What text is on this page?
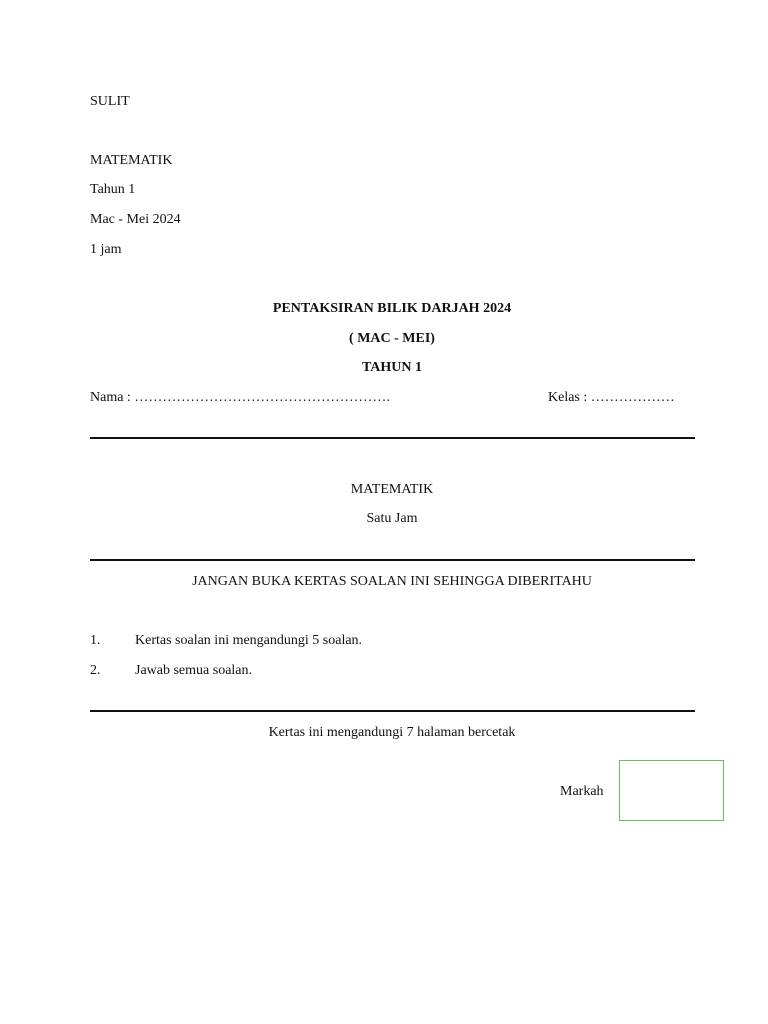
SULIT
MATEMATIK
Tahun 1
Mac - Mei 2024
1 jam
PENTAKSIRAN BILIK DARJAH 2024
( MAC - MEI)
TAHUN 1
Nama : ……………………………………………….	Kelas : ………………
MATEMATIK
Satu Jam
JANGAN BUKA KERTAS SOALAN INI SEHINGGA DIBERITAHU
1. Kertas soalan ini mengandungi 5 soalan.
2. Jawab semua soalan.
Kertas ini mengandungi 7 halaman bercetak
Markah
